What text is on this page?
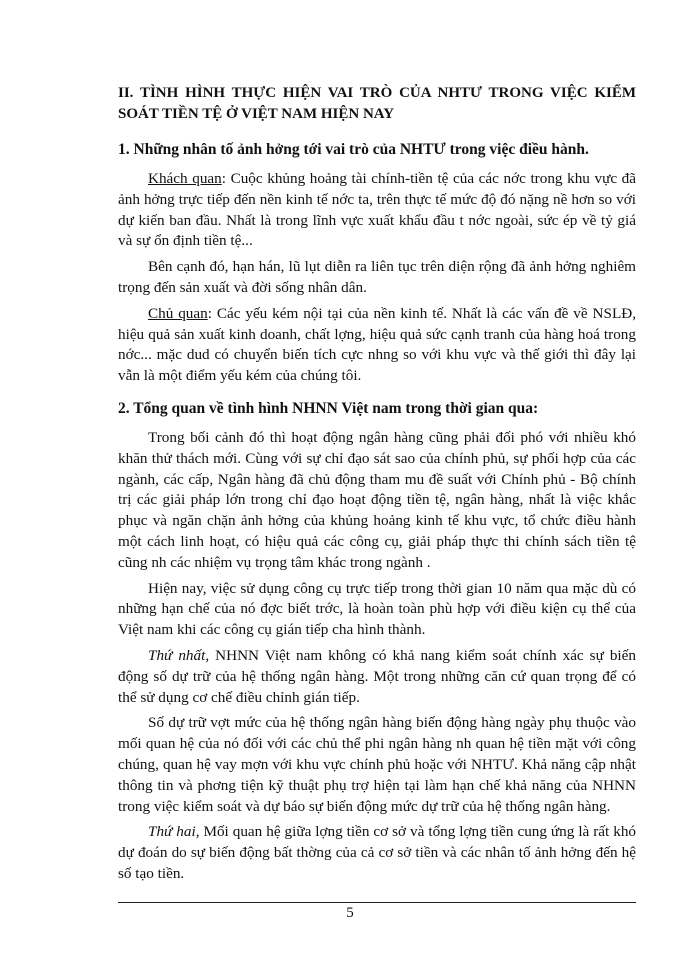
II. TÌNH HÌNH THỰC HIỆN VAI TRÒ CỦA NHTƯ TRONG VIỆC KIỂM SOÁT TIỀN TỆ Ở VIỆT NAM HIỆN NAY
1. Những nhân tố ảnh hởng tới vai trò của NHTƯ trong việc điều hành.

Khách quan: Cuộc khủng hoảng tài chính-tiền tệ của các nớc trong khu vực đã ảnh hởng trực tiếp đến nền kinh tế nớc ta, trên thực tế mức độ đó nặng nề hơn so với dự kiến ban đầu. Nhất là trong lĩnh vực xuất khẩu đầu t nớc ngoài, sức ép về tỷ giá và sự ổn định tiền tệ...

Bên cạnh đó, hạn hán, lũ lụt diễn ra liên tục trên diện rộng đã ảnh hởng nghiêm trọng đến sản xuất và đời sống nhân dân.

Chủ quan: Các yếu kém nội tại của nền kinh tế. Nhất là các vấn đề về NSLĐ, hiệu quả sản xuất kinh doanh, chất lợng, hiệu quả sức cạnh tranh của hàng hoá trong nớc... mặc dud có chuyển biến tích cực nhng so với khu vực và thế giới thì đây lại vẫn là một điểm yếu kém của chúng tôi.

2. Tổng quan về tình hình NHNN Việt nam trong thời gian qua:

Trong bối cảnh đó thì hoạt động ngân hàng cũng phải đối phó với nhiều khó khăn thử thách mới. Cùng với sự chỉ đạo sát sao của chính phủ, sự phối hợp của các ngành, các cấp, Ngân hàng đã chủ động tham mu đề suất với Chính phủ - Bộ chính trị các giải pháp lớn trong chỉ đạo hoạt động tiền tệ, ngân hàng, nhất là việc khắc phục và ngăn chặn ảnh hởng của khủng hoảng kinh tế khu vực, tổ chức điều hành một cách linh hoạt, có hiệu quả các công cụ, giải pháp thực thi chính sách tiền tệ cũng nh các nhiệm vụ trọng tâm khác trong ngành .

Hiện nay, việc sử dụng công cụ trực tiếp trong thời gian 10 năm qua mặc dù có những hạn chế của nó đợc biết trớc, là hoàn toàn phù hợp với điều kiện cụ thể của Việt nam khi các công cụ gián tiếp cha hình thành.

Thứ nhất, NHNN Việt nam không có khả nang kiểm soát chính xác sự biến động số dự trữ của hệ thống ngân hàng. Một trong những căn cứ quan trọng để có thể sử dụng cơ chế điều chỉnh gián tiếp.

Số dự trữ vợt mức của hệ thống ngân hàng biến động hàng ngày phụ thuộc vào mối quan hệ của nó đối với các chủ thể phi ngân hàng nh quan hệ tiền mặt với công chúng, quan hệ vay mợn với khu vực chính phủ hoặc với NHTƯ. Khả năng cập nhật thông tin và phơng tiện kỹ thuật phụ trợ hiện tại làm hạn chế khả năng của NHNN trong việc kiểm soát và dự báo sự biến động mức dự trữ của hệ thống ngân hàng.

Thứ hai, Mối quan hệ giữa lợng tiền cơ sở và tổng lợng tiền cung ứng là rất khó dự đoán do sự biến động bất thờng của cả cơ sở tiền và các nhân tố ảnh hởng đến hệ số tạo tiền.

5
